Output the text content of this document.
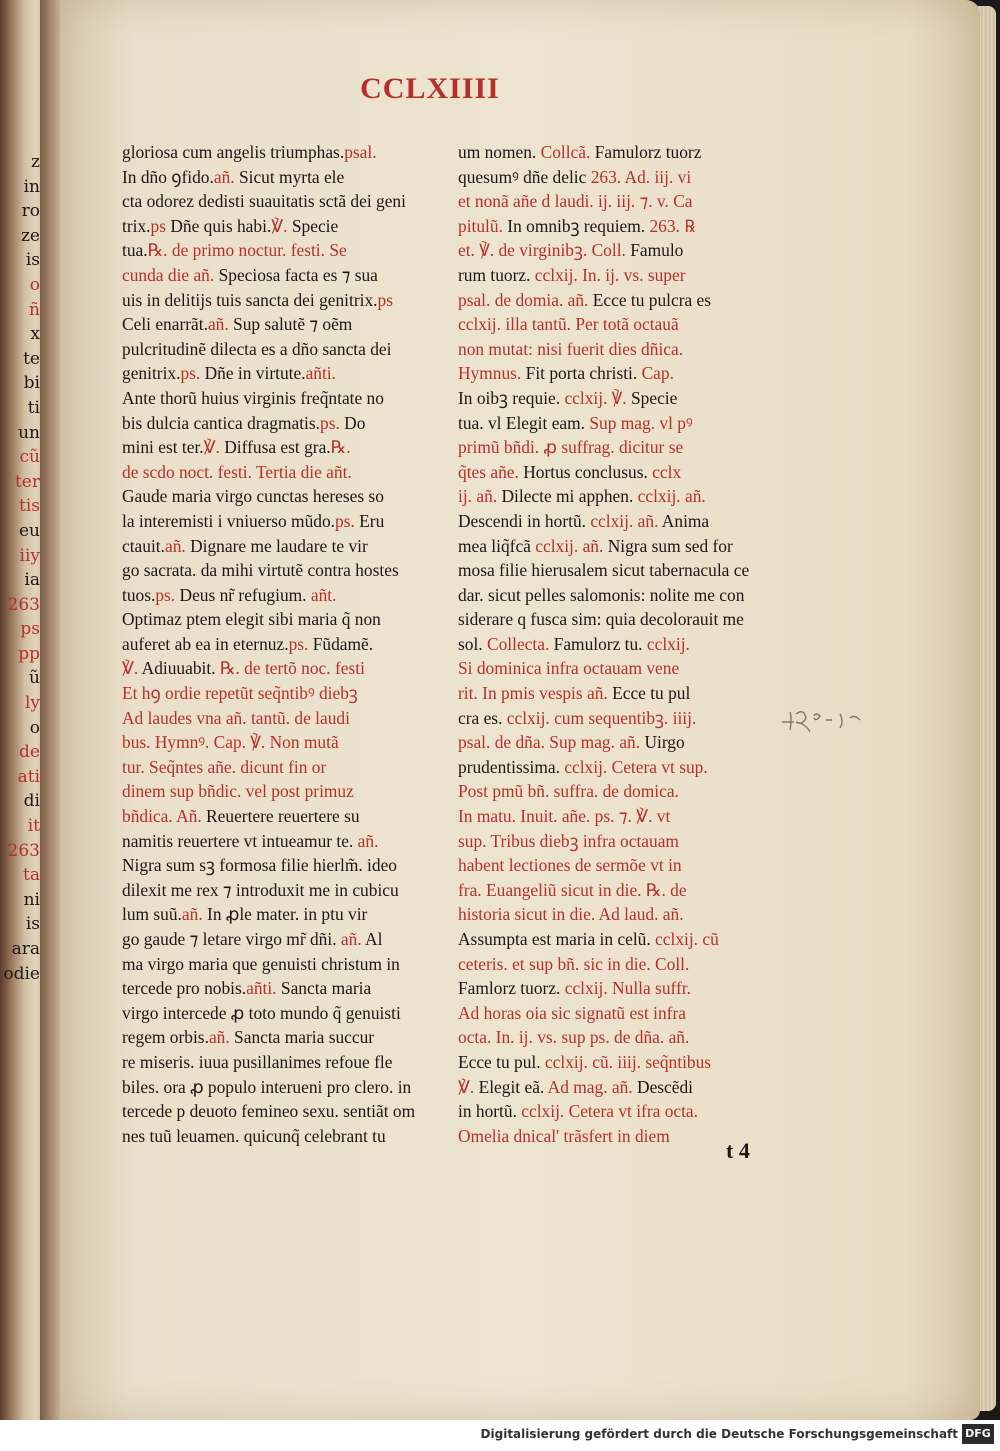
z
in
ro
ze
is
o
ñ
x
te
bi
ti
un
cũ
ter
tis
eu
iiy
ia
263
ps
pp
ũ
ly
o
de
ati
di
it
263
ta
ni
is
ara
odie
CCLXIIII
gloriosa cum angelis triumphas.psal.
In dño ꝯfido.añ. Sicut myrta ele
cta odorez dedisti suauitatis sctã dei geni
trix.ps Dñe quis habi.℣. Specie
tua.℞. de primo noctur. festi. Se
cunda die añ. Speciosa facta es ⁊ sua
uis in delitijs tuis sancta dei genitrix.ps
Celi enarrãt.añ. Sup salutẽ ⁊ oẽm
pulcritudinẽ dilecta es a dño sancta dei
genitrix.ps. Dñe in virtute.añti.
Ante thorũ huius virginis freq̃ntate no
bis dulcia cantica dragmatis.ps. Do
mini est ter.℣. Diffusa est gra.℞.
de scdo noct. festi. Tertia die añt.
Gaude maria virgo cunctas hereses so
la interemisti i vniuerso mũdo.ps. Eru
ctauit.añ. Dignare me laudare te vir
go sacrata. da mihi virtutẽ contra hostes
tuos.ps. Deus nr̃ refugium. añt.
Optimaz ptem elegit sibi maria q̃ non
auferet ab ea in eternuz.ps. Fũdamẽ.
℣. Adiuuabit. ℞. de tertõ noc. festi
Et hꝯ ordie repetũt seq̃ntibꝰ diebꝫ
Ad laudes vna añ. tantũ. de laudi
bus. Hymnꝰ. Cap. ℣. Non mutã
tur. Seq̃ntes añe. dicunt fin or
dinem sup bñdic. vel post primuz
bñdica. Añ. Reuertere reuertere su
namitis reuertere vt intueamur te. añ.
Nigra sum sꝫ formosa filie hierlm̃. ideo
dilexit me rex ⁊ introduxit me in cubicu
lum suũ.añ. In ꝓle mater. in ptu vir
go gaude ⁊ letare virgo mr̃ dñi. añ. Al
ma virgo maria que genuisti christum in
tercede pro nobis.añti. Sancta maria
virgo intercede ꝓ toto mundo q̃ genuisti
regem orbis.añ. Sancta maria succur
re miseris. iuua pusillanimes refoue fle
biles. ora ꝓ populo interueni pro clero. in
tercede p deuoto femineo sexu. sentiãt om
nes tuũ leuamen. quicunq̃ celebrant tu
um nomen. Collcã. Famulorz tuorz
quesumꝰ dñe delic 263. Ad. iij. vi
et nonã añe d laudi. ij. iij. ⁊. v. Ca
pitulũ. In omnibꝫ requiem. 263. ℞
et. ℣. de virginibꝫ. Coll. Famulo
rum tuorz. cclxij. In. ij. vs. super
psal. de domia. añ. Ecce tu pulcra es
cclxij. illa tantũ. Per totã octauã
non mutat: nisi fuerit dies dñica.
Hymnus. Fit porta christi. Cap.
In oibꝫ requie. cclxij. ℣. Specie
tua. vl Elegit eam. Sup mag. vl pꝰ
primũ bñdi. ꝓ suffrag. dicitur se
q̃tes añe. Hortus conclusus. cclx
ij. añ. Dilecte mi apphen. cclxij. añ.
Descendi in hortũ. cclxij. añ. Anima
mea liq̃fcã cclxij. añ. Nigra sum sed for
mosa filie hierusalem sicut tabernacula ce
dar. sicut pelles salomonis: nolite me con
siderare q fusca sim: quia decolorauit me
sol. Collecta. Famulorz tu. cclxij.
Si dominica infra octauam vene
rit. In pmis vespis añ. Ecce tu pul
cra es. cclxij. cum sequentibꝫ. iiij.
psal. de dña. Sup mag. añ. Uirgo
prudentissima. cclxij. Cetera vt sup.
Post pmũ bñ. suffra. de domica.
In matu. Inuit. añe. ps. ⁊. ℣. vt
sup. Tribus diebꝫ infra octauam
habent lectiones de sermõe vt in
fra. Euangeliũ sicut in die. ℞. de
historia sicut in die. Ad laud. añ.
Assumpta est maria in celũ. cclxij. cũ
ceteris. et sup bñ. sic in die. Coll.
Famlorz tuorz. cclxij. Nulla suffr.
Ad horas oia sic signatũ est infra
octa. In. ij. vs. sup ps. de dña. añ.
Ecce tu pul. cclxij. cũ. iiij. seq̃ntibus
℣. Elegit eã. Ad mag. añ. Descẽdi
in hortũ. cclxij. Cetera vt ifra octa.
Omelia dnical' trãsfert in diem
t 4
Digitalisierung gefördert durch die Deutsche Forschungsgemeinschaft DFG
